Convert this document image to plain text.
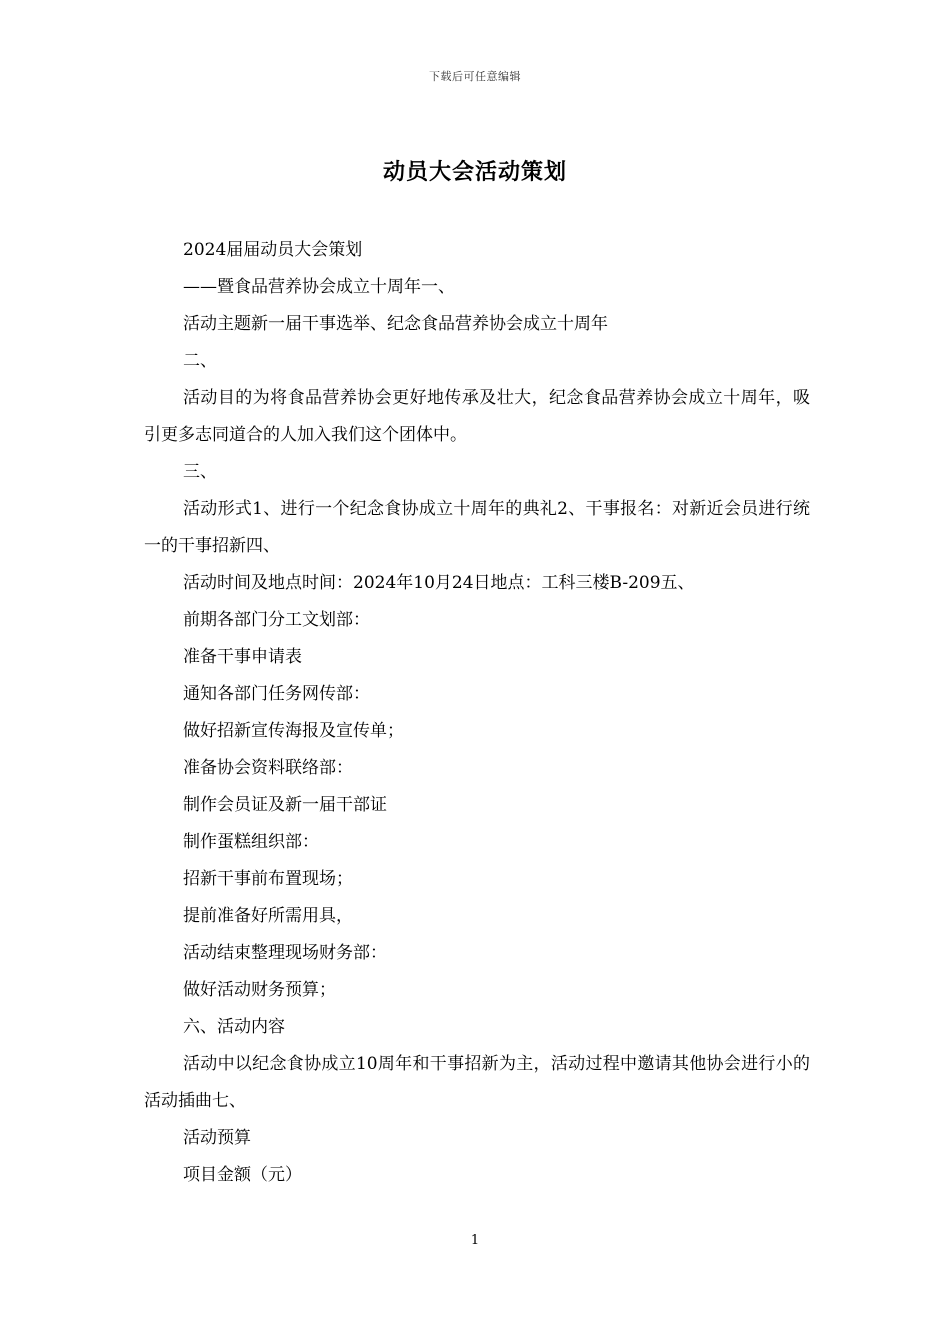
下载后可任意编辑
动员大会活动策划

2024届届动员大会策划

——暨食品营养协会成立十周年一、

活动主题新一届干事选举、纪念食品营养协会成立十周年

二、

活动目的为将食品营养协会更好地传承及壮大，纪念食品营养协会成立十周年，吸引更多志同道合的人加入我们这个团体中。

三、

活动形式1、进行一个纪念食协成立十周年的典礼2、干事报名：对新近会员进行统一的干事招新四、

活动时间及地点时间：2024年10月24日地点：工科三楼B-209五、

前期各部门分工文划部：

准备干事申请表

通知各部门任务网传部：

做好招新宣传海报及宣传单；

准备协会资料联络部：

制作会员证及新一届干部证

制作蛋糕组织部：

招新干事前布置现场；

提前准备好所需用具，

活动结束整理现场财务部：

做好活动财务预算；

六、活动内容

活动中以纪念食协成立10周年和干事招新为主，活动过程中邀请其他协会进行小的活动插曲七、

活动预算

项目金额（元）

1
